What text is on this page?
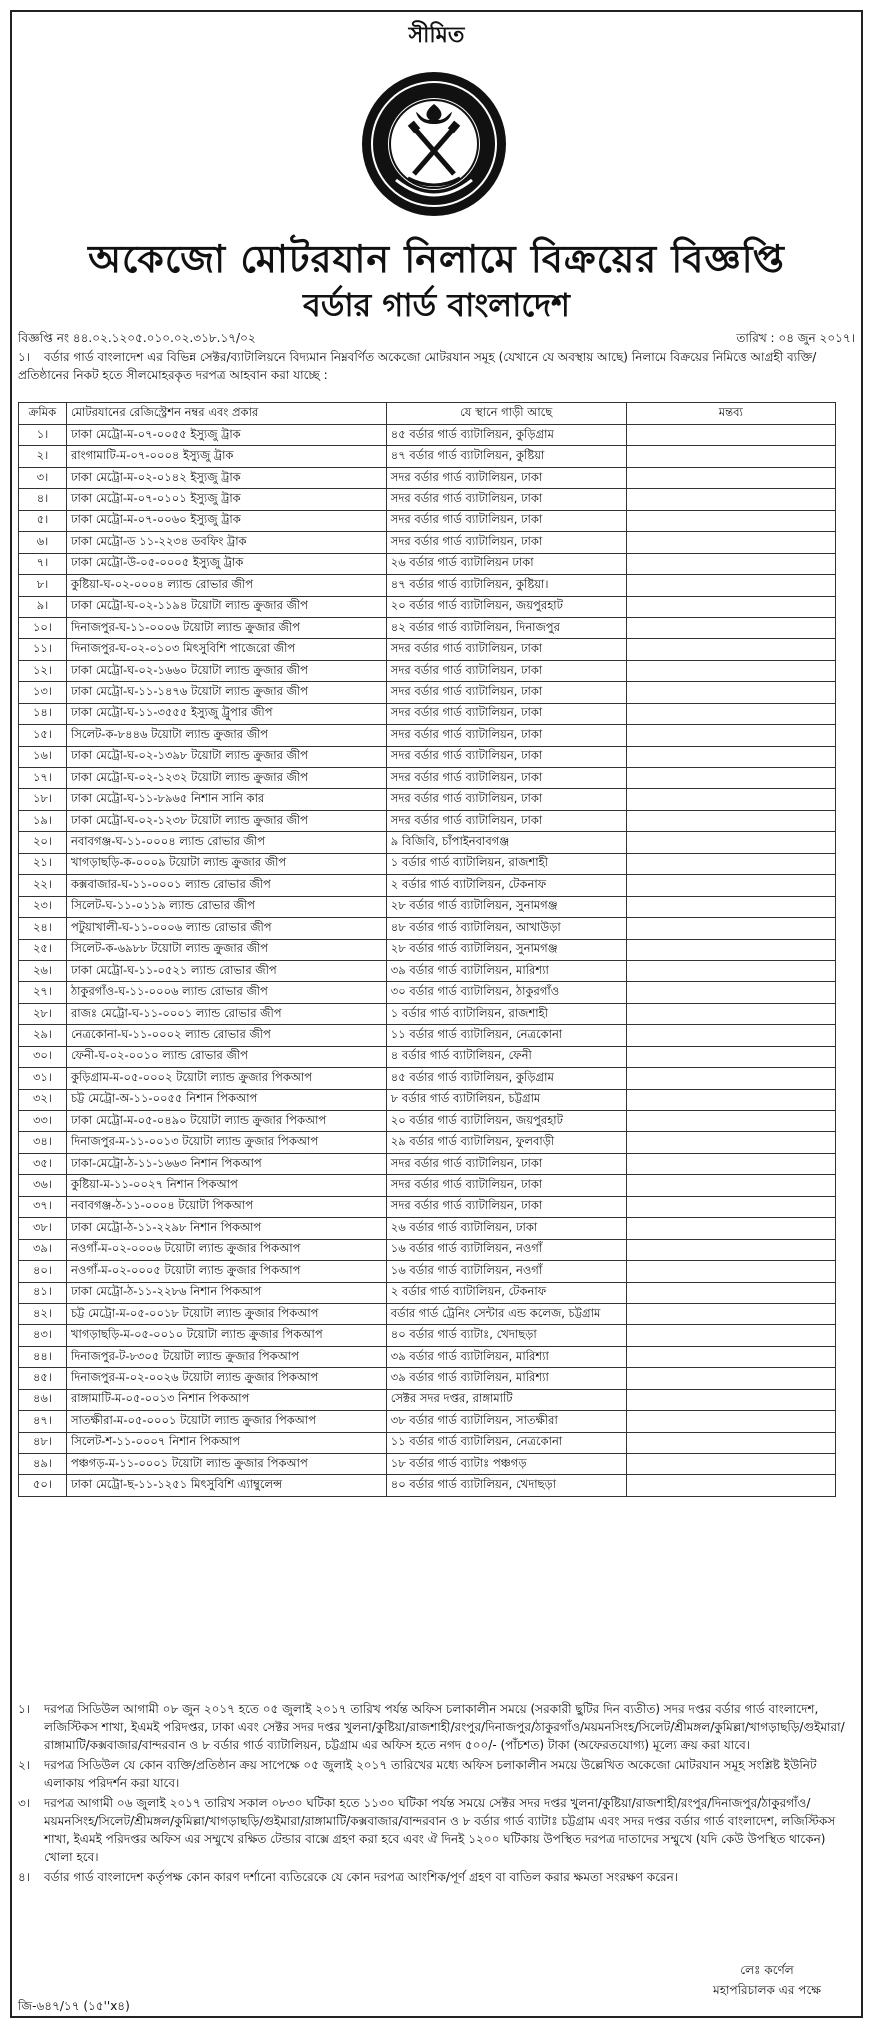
সীমিত
অকেজো মোটরযান নিলামে বিক্রয়ের বিজ্ঞপ্তি
বর্ডার গার্ড বাংলাদেশ
বিজ্ঞপ্তি নং ৪৪.০২.১২০৫.০১০.০২.৩১৮.১৭/০২	তারিখ : ০৪ জুন ২০১৭।
১। বর্ডার গার্ড বাংলাদেশ এর বিভিন্ন সেক্টর/ব্যাটালিয়নে বিদ্যমান নিম্নবর্ণিত অকেজো মোটরযান সমূহ (যেখানে যে অবস্থায় আছে) নিলামে বিক্রয়ের নিমিত্তে আগ্রহী ব্যক্তি/প্রতিষ্ঠানের নিকট হতে সীলমোহরকৃত দরপত্র আহবান করা যাচ্ছে :
ক্রমিক	মোটরযানের রেজিস্ট্রেশন নম্বর এবং প্রকার	যে স্থানে গাড়ী আছে	মন্তব্য
১।	ঢাকা মেট্রো-ম-০৭-০০৫৫ ইস্যুজু ট্রাক	৪৫ বর্ডার গার্ড ব্যাটালিয়ন, কুড়িগ্রাম	
২।	রাংগামাটি-ম-০৭-০০০৪ ইস্যুজু ট্রাক	৪৭ বর্ডার গার্ড ব্যাটালিয়ন, কুষ্টিয়া	
৩।	ঢাকা মেট্রো-ম-০২-০১৪২ ইস্যুজু ট্রাক	সদর বর্ডার গার্ড ব্যাটালিয়ন, ঢাকা	
৪।	ঢাকা মেট্রো-ম-০৭-০১০১ ইস্যুজু ট্রাক	সদর বর্ডার গার্ড ব্যাটালিয়ন, ঢাকা	
৫।	ঢাকা মেট্রো-ম-০৭-০০৬০ ইস্যুজু ট্রাক	সদর বর্ডার গার্ড ব্যাটালিয়ন, ঢাকা	
৬।	ঢাকা মেট্রো-ড ১১-২২৩৪ ডবফিং ট্রাক	সদর বর্ডার গার্ড ব্যাটালিয়ন, ঢাকা	
৭।	ঢাকা মেট্রো-উ-০৫-০০০৫ ইস্যুজু ট্রাক	২৬ বর্ডার গার্ড ব্যাটালিয়ন ঢাকা	
৮।	কুষ্টিয়া-ঘ-০২-০০০৪ ল্যান্ড রোভার জীপ	৪৭ বর্ডার গার্ড ব্যাটালিয়ন, কুষ্টিয়া।	
৯।	ঢাকা মেট্রো-ঘ-০২-১১৯৪ টয়োটা ল্যান্ড ক্রুজার জীপ	২০ বর্ডার গার্ড ব্যাটালিয়ন, জয়পুরহাট	
১০।	দিনাজপুর-ঘ-১১-০০০৬ টয়োটা ল্যান্ড ক্রুজার জীপ	৪২ বর্ডার গার্ড ব্যাটালিয়ন, দিনাজপুর	
১১।	দিনাজপুর-ঘ-০২-০১০৩ মিৎসুবিশি পাজেরো জীপ	সদর বর্ডার গার্ড ব্যাটালিয়ন, ঢাকা	
১২।	ঢাকা মেট্রো-ঘ-০২-১৬৬০ টয়োটা ল্যান্ড ক্রুজার জীপ	সদর বর্ডার গার্ড ব্যাটালিয়ন, ঢাকা	
১৩।	ঢাকা মেট্রো-ঘ-১১-১৪৭৬ টয়োটা ল্যান্ড ক্রুজার জীপ	সদর বর্ডার গার্ড ব্যাটালিয়ন, ঢাকা	
১৪।	ঢাকা মেট্রো-ঘ-১১-৩৫৫৫ ইস্যুজু ট্রুপার জীপ	সদর বর্ডার গার্ড ব্যাটালিয়ন, ঢাকা	
১৫।	সিলেট-ক-৮৪৪৬ টয়োটা ল্যান্ড ক্রুজার জীপ	সদর বর্ডার গার্ড ব্যাটালিয়ন, ঢাকা	
১৬।	ঢাকা মেট্রো-ঘ-০২-১৩৯৮ টয়োটা ল্যান্ড ক্রুজার জীপ	সদর বর্ডার গার্ড ব্যাটালিয়ন, ঢাকা	
১৭।	ঢাকা মেট্রো-ঘ-০২-১২৩২ টয়োটা ল্যান্ড ক্রুজার জীপ	সদর বর্ডার গার্ড ব্যাটালিয়ন, ঢাকা	
১৮।	ঢাকা মেট্রো-ঘ-১১-৮৯৬৫ নিশান সানি কার	সদর বর্ডার গার্ড ব্যাটালিয়ন, ঢাকা	
১৯।	ঢাকা মেট্রো-ঘ-০২-১২৩৮ টয়োটা ল্যান্ড ক্রুজার জীপ	সদর বর্ডার গার্ড ব্যাটালিয়ন, ঢাকা	
২০।	নবাবগঞ্জ-ঘ-১১-০০০৪ ল্যান্ড রোভার জীপ	৯ বিজিবি, চাঁপাইনবাবগঞ্জ	
২১।	খাগড়াছড়ি-ক-০০০৯ টয়োটা ল্যান্ড ক্রুজার জীপ	১ বর্ডার গার্ড ব্যাটালিয়ন, রাজশাহী	
২২।	কক্সবাজার-ঘ-১১-০০০১ ল্যান্ড রোভার জীপ	২ বর্ডার গার্ড ব্যাটালিয়ন, টেকনাফ	
২৩।	সিলেট-ঘ-১১-০১১৯ ল্যান্ড রোভার জীপ	২৮ বর্ডার গার্ড ব্যাটালিয়ন, সুনামগঞ্জ	
২৪।	পটুয়াখালী-ঘ-১১-০০০৬ ল্যান্ড রোভার জীপ	৪৮ বর্ডার গার্ড ব্যাটালিয়ন, আখাউড়া	
২৫।	সিলেট-ক-৬৯৮৮ টয়োটা ল্যান্ড ক্রুজার জীপ	২৮ বর্ডার গার্ড ব্যাটালিয়ন, সুনামগঞ্জ	
২৬।	ঢাকা মেট্রো-ঘ-১১-০৫২১ ল্যান্ড রোভার জীপ	৩৯ বর্ডার গার্ড ব্যাটালিয়ন, মারিশ্যা	
২৭।	ঠাকুরগাঁও-ঘ-১১-০০০৬ ল্যান্ড রোভার জীপ	৩০ বর্ডার গার্ড ব্যাটালিয়ন, ঠাকুরগাঁও	
২৮।	রাজঃ মেট্রো-ঘ-১১-০০০১ ল্যান্ড রোভার জীপ	১ বর্ডার গার্ড ব্যাটালিয়ন, রাজশাহী	
২৯।	নেত্রকোনা-ঘ-১১-০০০২ ল্যান্ড রোভার জীপ	১১ বর্ডার গার্ড ব্যাটালিয়ন, নেত্রকোনা	
৩০।	ফেনী-ঘ-০২-০০১০ ল্যান্ড রোভার জীপ	৪ বর্ডার গার্ড ব্যাটালিয়ন, ফেনী	
৩১।	কুড়িগ্রাম-ম-০৫-০০০২ টয়োটা ল্যান্ড ক্রুজার পিকআপ	৪৫ বর্ডার গার্ড ব্যাটালিয়ন, কুড়িগ্রাম	
৩২।	চট্ট মেট্রো-অ-১১-০০৫৫ নিশান পিকআপ	৮ বর্ডার গার্ড ব্যাটালিয়ন, চট্টগ্রাম	
৩৩।	ঢাকা মেট্রো-ম-০৫-০৪৯০ টয়োটা ল্যান্ড ক্রুজার পিকআপ	২০ বর্ডার গার্ড ব্যাটালিয়ন, জয়পুরহাট	
৩৪।	দিনাজপুর-ম-১১-০০১৩ টয়োটা ল্যান্ড ক্রুজার পিকআপ	২৯ বর্ডার গার্ড ব্যাটালিয়ন, ফুলবাড়ী	
৩৫।	ঢাকা-মেট্রো-ঠ-১১-১৬৬৩ নিশান পিকআপ	সদর বর্ডার গার্ড ব্যাটালিয়ন, ঢাকা	
৩৬।	কুষ্টিয়া-ম-১১-০০২৭ নিশান পিকআপ	সদর বর্ডার গার্ড ব্যাটালিয়ন, ঢাকা	
৩৭।	নবাবগঞ্জ-ঠ-১১-০০০৪ টয়োটা পিকআপ	সদর বর্ডার গার্ড ব্যাটালিয়ন, ঢাকা	
৩৮।	ঢাকা মেট্রো-ঠ-১১-২২৯৮ নিশান পিকআপ	২৬ বর্ডার গার্ড ব্যাটালিয়ন, ঢাকা	
৩৯।	নওগাঁ-ম-০২-০০০৬ টয়োটা ল্যান্ড ক্রুজার পিকআপ	১৬ বর্ডার গার্ড ব্যাটালিয়ন, নওগাঁ	
৪০।	নওগাঁ-ম-০২-০০০৫ টয়োটা ল্যান্ড ক্রুজার পিকআপ	১৬ বর্ডার গার্ড ব্যাটালিয়ন, নওগাঁ	
৪১।	ঢাকা মেট্রো-ঠ-১১-২২৮৬ নিশান পিকআপ	২ বর্ডার গার্ড ব্যাটালিয়ন, টেকনাফ	
৪২।	চট্ট মেট্রো-ম-০৫-০০১৮ টয়োটা ল্যান্ড ক্রুজার পিকআপ	বর্ডার গার্ড ট্রেনিং সেন্টার এন্ড কলেজ, চট্টগ্রাম	
৪৩।	খাগড়াছড়ি-ম-০৫-০০১০ টয়োটা ল্যান্ড ক্রুজার পিকআপ	৪০ বর্ডার গার্ড ব্যাটাঃ, খেদাছড়া	
৪৪।	দিনাজপুর-ট-৮৩০৫ টয়োটা ল্যান্ড ক্রুজার পিকআপ	৩৯ বর্ডার গার্ড ব্যাটালিয়ন, মারিশ্যা	
৪৫।	দিনাজপুর-ম-০২-০০২৬ টয়োটা ল্যান্ড ক্রুজার পিকআপ	৩৯ বর্ডার গার্ড ব্যাটালিয়ন, মারিশ্যা	
৪৬।	রাঙ্গামাটি-ম-০৫-০০১৩ নিশান পিকআপ	সেক্টর সদর দপ্তর, রাঙ্গামাটি	
৪৭।	সাতক্ষীরা-ম-০৫-০০০১ টয়োটা ল্যান্ড ক্রুজার পিকআপ	৩৮ বর্ডার গার্ড ব্যাটালিয়ন, সাতক্ষীরা	
৪৮।	সিলেট-শ-১১-০০০৭ নিশান পিকআপ	১১ বর্ডার গার্ড ব্যাটালিয়ন, নেত্রকোনা	
৪৯।	পঞ্চগড়-ম-১১-০০০১ টয়োটা ল্যান্ড ক্রুজার পিকআপ	১৮ বর্ডার গার্ড ব্যাটাঃ পঞ্চগড়	
৫০।	ঢাকা মেট্রো-ছ-১১-১২৫১ মিৎসুবিশি এ্যাম্বুলেন্স	৪০ বর্ডার গার্ড ব্যাটালিয়ন, খেদাছড়া	
১।	দরপত্র সিডিউল আগামী ০৮ জুন ২০১৭ হতে ০৫ জুলাই ২০১৭ তারিখ পর্যন্ত অফিস চলাকালীন সময়ে (সরকারী ছুটির দিন ব্যতীত) সদর দপ্তর বর্ডার গার্ড বাংলাদেশ, লজিস্টিকস শাখা, ইএমই পরিদপ্তর, ঢাকা এবং সেক্টর সদর দপ্তর খুলনা/কুষ্টিয়া/রাজশাহী/রংপুর/দিনাজপুর/ঠাকুরগাঁও/ময়মনসিংহ/সিলেট/শ্রীমঙ্গল/কুমিল্লা/খাগড়াছড়ি/গুইমারা/রাঙ্গামাটি/কক্সবাজার/বান্দরবান ও ৮ বর্ডার গার্ড ব্যাটালিয়ন, চট্টগ্রাম এর অফিস হতে নগদ ৫০০/- (পাঁচশত) টাকা (অফেরতযোগ্য) মূল্যে ক্রয় করা যাবে।
২।	দরপত্র সিডিউল যে কোন ব্যক্তি/প্রতিষ্ঠান ক্রয় সাপেক্ষে ০৫ জুলাই ২০১৭ তারিখের মধ্যে অফিস চলাকালীন সময়ে উল্লেখিত অকেজো মোটরযান সমূহ সংশ্লিষ্ট ইউনিট এলাকায় পরিদর্শন করা যাবে।
৩।	দরপত্র আগামী ০৬ জুলাই ২০১৭ তারিখ সকাল ০৮৩০ ঘটিকা হতে ১১৩০ ঘটিকা পর্যন্ত সময়ে সেক্টর সদর দপ্তর খুলনা/কুষ্টিয়া/রাজশাহী/রংপুর/দিনাজপুর/ঠাকুরগাঁও/ময়মনসিংহ/সিলেট/শ্রীমঙ্গল/কুমিল্লা/খাগড়াছড়ি/গুইমারা/রাঙ্গামাটি/কক্সবাজার/বান্দরবান ও ৮ বর্ডার গার্ড ব্যাটাঃ চট্টগ্রাম এবং সদর দপ্তর বর্ডার গার্ড বাংলাদেশ, লজিস্টিকস শাখা, ইএমই পরিদপ্তর অফিস এর সম্মুখে রক্ষিত টেন্ডার বাক্সে গ্রহণ করা হবে এবং ঐ দিনই ১২০০ ঘটিকায় উপস্থিত দরপত্র দাতাদের সম্মুখে (যদি কেউ উপস্থিত থাকেন) খোলা হবে।
৪।	বর্ডার গার্ড বাংলাদেশ কর্তৃপক্ষ কোন কারণ দর্শানো ব্যতিরেকে যে কোন দরপত্র আংশিক/পূর্ণ গ্রহণ বা বাতিল করার ক্ষমতা সংরক্ষণ করেন।
লেঃ কর্ণেল
মহাপরিচালক এর পক্ষে
জি-৬৪৭/১৭ (১৫''x৪)
